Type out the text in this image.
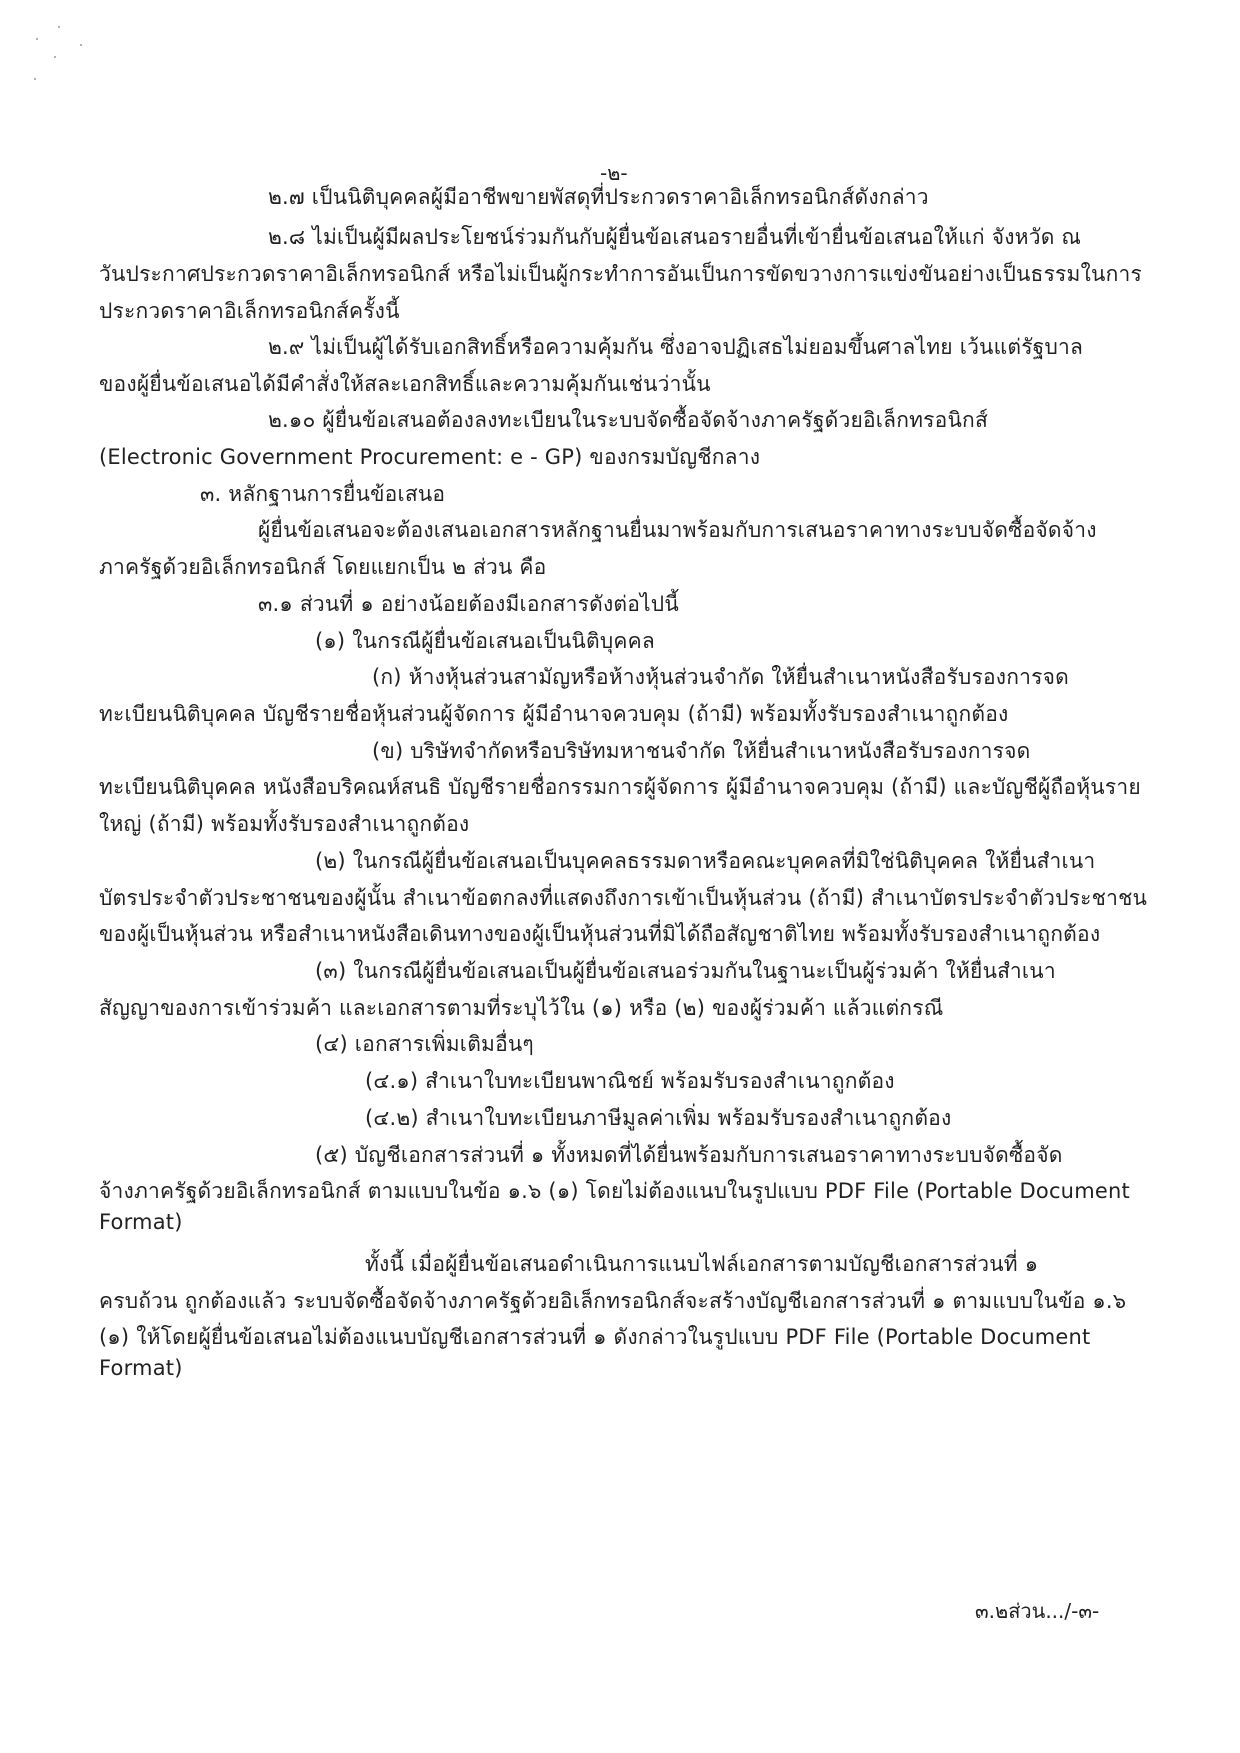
-๒-
๒.๗ เป็นนิติบุคคลผู้มีอาชีพขายพัสดุที่ประกวดราคาอิเล็กทรอนิกส์ดังกล่าว
๒.๘ ไม่เป็นผู้มีผลประโยชน์ร่วมกันกับผู้ยื่นข้อเสนอรายอื่นที่เข้ายื่นข้อเสนอให้แก่ จังหวัด ณ
วันประกาศประกวดราคาอิเล็กทรอนิกส์ หรือไม่เป็นผู้กระทำการอันเป็นการขัดขวางการแข่งขันอย่างเป็นธรรมในการ
ประกวดราคาอิเล็กทรอนิกส์ครั้งนี้
๒.๙ ไม่เป็นผู้ได้รับเอกสิทธิ์หรือความคุ้มกัน ซึ่งอาจปฏิเสธไม่ยอมขึ้นศาลไทย เว้นแต่รัฐบาล
ของผู้ยื่นข้อเสนอได้มีคำสั่งให้สละเอกสิทธิ์และความคุ้มกันเช่นว่านั้น
๒.๑๐ ผู้ยื่นข้อเสนอต้องลงทะเบียนในระบบจัดซื้อจัดจ้างภาครัฐด้วยอิเล็กทรอนิกส์
(Electronic Government Procurement: e - GP) ของกรมบัญชีกลาง
๓. หลักฐานการยื่นข้อเสนอ
ผู้ยื่นข้อเสนอจะต้องเสนอเอกสารหลักฐานยื่นมาพร้อมกับการเสนอราคาทางระบบจัดซื้อจัดจ้าง
ภาครัฐด้วยอิเล็กทรอนิกส์ โดยแยกเป็น ๒ ส่วน คือ
๓.๑ ส่วนที่ ๑ อย่างน้อยต้องมีเอกสารดังต่อไปนี้
(๑) ในกรณีผู้ยื่นข้อเสนอเป็นนิติบุคคล
(ก) ห้างหุ้นส่วนสามัญหรือห้างหุ้นส่วนจำกัด ให้ยื่นสำเนาหนังสือรับรองการจด
ทะเบียนนิติบุคคล บัญชีรายชื่อหุ้นส่วนผู้จัดการ ผู้มีอำนาจควบคุม (ถ้ามี) พร้อมทั้งรับรองสำเนาถูกต้อง
(ข) บริษัทจำกัดหรือบริษัทมหาชนจำกัด ให้ยื่นสำเนาหนังสือรับรองการจด
ทะเบียนนิติบุคคล หนังสือบริคณห์สนธิ บัญชีรายชื่อกรรมการผู้จัดการ ผู้มีอำนาจควบคุม (ถ้ามี) และบัญชีผู้ถือหุ้นราย
ใหญ่ (ถ้ามี) พร้อมทั้งรับรองสำเนาถูกต้อง
(๒) ในกรณีผู้ยื่นข้อเสนอเป็นบุคคลธรรมดาหรือคณะบุคคลที่มิใช่นิติบุคคล ให้ยื่นสำเนา
บัตรประจำตัวประชาชนของผู้นั้น สำเนาข้อตกลงที่แสดงถึงการเข้าเป็นหุ้นส่วน (ถ้ามี) สำเนาบัตรประจำตัวประชาชน
ของผู้เป็นหุ้นส่วน หรือสำเนาหนังสือเดินทางของผู้เป็นหุ้นส่วนที่มิได้ถือสัญชาติไทย พร้อมทั้งรับรองสำเนาถูกต้อง
(๓) ในกรณีผู้ยื่นข้อเสนอเป็นผู้ยื่นข้อเสนอร่วมกันในฐานะเป็นผู้ร่วมค้า ให้ยื่นสำเนา
สัญญาของการเข้าร่วมค้า และเอกสารตามที่ระบุไว้ใน (๑) หรือ (๒) ของผู้ร่วมค้า แล้วแต่กรณี
(๔) เอกสารเพิ่มเติมอื่นๆ
(๔.๑) สำเนาใบทะเบียนพาณิชย์ พร้อมรับรองสำเนาถูกต้อง
(๔.๒) สำเนาใบทะเบียนภาษีมูลค่าเพิ่ม พร้อมรับรองสำเนาถูกต้อง
(๕) บัญชีเอกสารส่วนที่ ๑ ทั้งหมดที่ได้ยื่นพร้อมกับการเสนอราคาทางระบบจัดซื้อจัด
จ้างภาครัฐด้วยอิเล็กทรอนิกส์ ตามแบบในข้อ ๑.๖ (๑) โดยไม่ต้องแนบในรูปแบบ PDF File (Portable Document
Format)
ทั้งนี้ เมื่อผู้ยื่นข้อเสนอดำเนินการแนบไฟล์เอกสารตามบัญชีเอกสารส่วนที่ ๑
ครบถ้วน ถูกต้องแล้ว ระบบจัดซื้อจัดจ้างภาครัฐด้วยอิเล็กทรอนิกส์จะสร้างบัญชีเอกสารส่วนที่ ๑ ตามแบบในข้อ ๑.๖
(๑) ให้โดยผู้ยื่นข้อเสนอไม่ต้องแนบบัญชีเอกสารส่วนที่ ๑ ดังกล่าวในรูปแบบ PDF File (Portable Document
Format)
๓.๒ส่วน.../-๓-
